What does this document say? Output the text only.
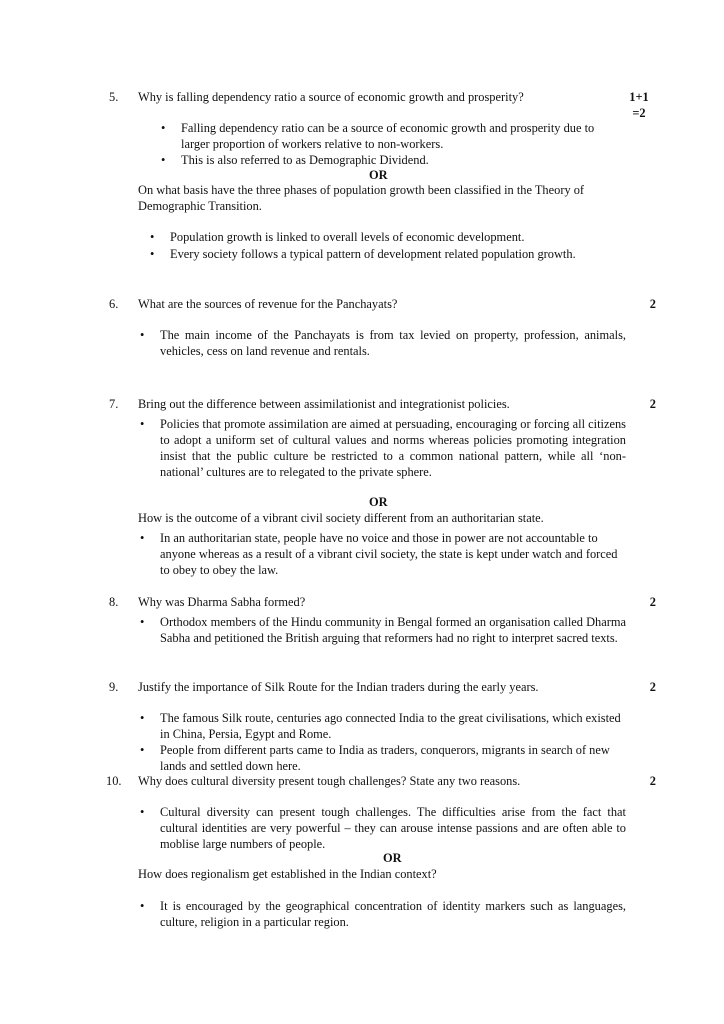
5. Why is falling dependency ratio a source of economic growth and prosperity?	1+1
=2
• Falling dependency ratio can be a source of economic growth and prosperity due to larger proportion of workers relative to non-workers.
• This is also referred to as Demographic Dividend.
OR
On what basis have the three phases of population growth been classified in the Theory of Demographic Transition.
• Population growth is linked to overall levels of economic development.
• Every society follows a typical pattern of development related population growth.
6. What are the sources of revenue for the Panchayats?	2
• The main income of the Panchayats is from tax levied on property, profession, animals, vehicles, cess on land revenue and rentals.
7. Bring out the difference between assimilationist and integrationist policies.	2
• Policies that promote assimilation are aimed at persuading, encouraging or forcing all citizens to adopt a uniform set of cultural values and norms whereas policies promoting integration insist that the public culture be restricted to a common national pattern, while all ‘non-national’ cultures are to relegated to the private sphere.
OR
How is the outcome of a vibrant civil society different from an authoritarian state.
• In an authoritarian state, people have no voice and those in power are not accountable to anyone whereas as a result of a vibrant civil society, the state is kept under watch and forced to obey to obey the law.
8. Why was Dharma Sabha formed?	2
• Orthodox members of the Hindu community in Bengal formed an organisation called Dharma Sabha and petitioned the British arguing that reformers had no right to interpret sacred texts.
9. Justify the importance of Silk Route for the Indian traders during the early years.	2
• The famous Silk route, centuries ago connected India to the great civilisations, which existed in China, Persia, Egypt and Rome.
• People from different parts came to India as traders, conquerors, migrants in search of new lands and settled down here.
10. Why does cultural diversity present tough challenges? State any two reasons.	2
• Cultural diversity can present tough challenges. The difficulties arise from the fact that cultural identities are very powerful – they can arouse intense passions and are often able to moblise large numbers of people.
OR
How does regionalism get established in the Indian context?
• It is encouraged by the geographical concentration of identity markers such as languages, culture, religion in a particular region.
